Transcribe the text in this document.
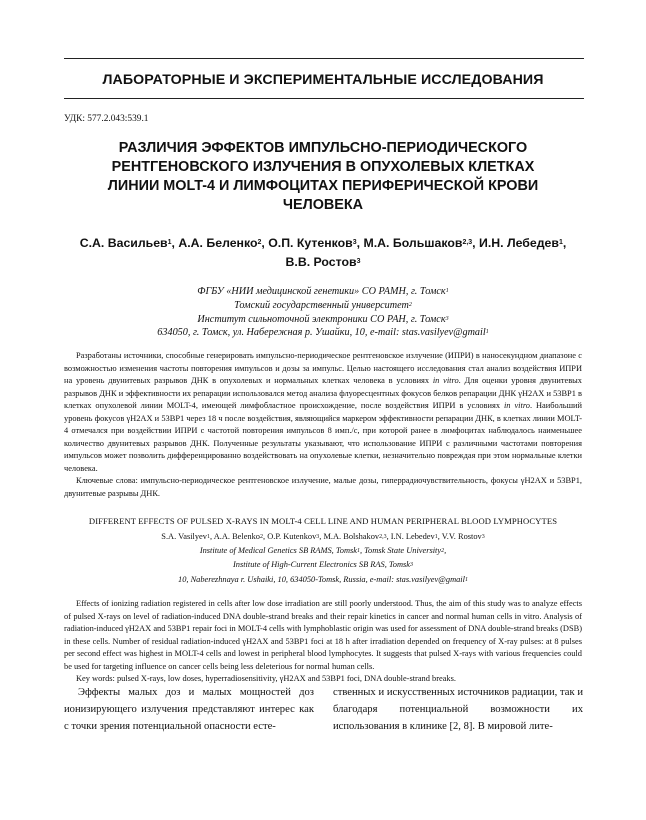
ЛАБОРАТОРНЫЕ И ЭКСПЕРИМЕНТАЛЬНЫЕ ИССЛЕДОВАНИЯ
УДК: 577.2.043:539.1
РАЗЛИЧИЯ ЭФФЕКТОВ ИМПУЛЬСНО-ПЕРИОДИЧЕСКОГО
РЕНТГЕНОВСКОГО ИЗЛУЧЕНИЯ В ОПУХОЛЕВЫХ КЛЕТКАХ
ЛИНИИ MOLT-4 И ЛИМФОЦИТАХ ПЕРИФЕРИЧЕСКОЙ КРОВИ
ЧЕЛОВЕКА
С.А. Васильев$^1$, А.А. Беленко$^2$, О.П. Кутенков$^3$, М.А. Большаков$^{2,3}$, И.Н. Лебедев$^1$,
В.В. Ростов$^3$
ФГБУ «НИИ медицинской генетики» СО РАМН, г. Томск$^1$
Томский государственный университет$^2$
Институт сильноточной электроники СО РАН, г. Томск$^3$
634050, г. Томск, ул. Набережная р. Ушайки, 10, e-mail: stas.vasilyev@gmail$^1$

Разработаны источники, способные генерировать импульсно-периодическое рентгеновское излучение (ИПРИ) в наносекундном диапазоне с возможностью изменения частоты повторения импульсов и дозы за импульс. Целью настоящего исследования стал анализ воздействия ИПРИ на уровень двунитевых разрывов ДНК в опухолевых и нормальных клетках человека в условиях in vitro. Для оценки уровня двунитевых разрывов ДНК и эффективности их репарации использовался метод анализа флуоресцентных фокусов белков репарации ДНК γH2AX и 53BP1 в клетках опухолевой линии MOLT-4, имеющей лимфобластное происхождение, после воздействия ИПРИ в условиях in vitro. Наибольший уровень фокусов γH2AX и 53BP1 через 18 ч после воздействия, являющийся маркером эффективности репарации ДНК, в клетках линии MOLT-4 отмечался при воздействии ИПРИ с частотой повторения импульсов 8 имп./с, при которой ранее в лимфоцитах наблюдалось наименьшее количество двунитевых разрывов ДНК. Полученные результаты указывают, что использование ИПРИ с различными частотами повторения импульсов может позволить дифференцированно воздействовать на опухолевые клетки, незначительно повреждая при этом нормальные клетки человека.

Ключевые слова: импульсно-периодическое рентгеновское излучение, малые дозы, гиперрадиочувствительность, фокусы γH2AX и 53BP1, двунитевые разрывы ДНК.

DIFFERENT EFFECTS OF PULSED X-RAYS IN MOLT-4 CELL LINE AND HUMAN PERIPHERAL BLOOD LYMPHOCYTES
S.A. Vasilyev$^1$, A.A. Belenko$^2$, O.P. Kutenkov$^3$, M.A. Bolshakov$^{2,3}$, I.N. Lebedev$^1$, V.V. Rostov$^3$
Institute of Medical Genetics SB RAMS, Tomsk$^1$, Tomsk State University$^2$,
Institute of High-Current Electronics SB RAS, Tomsk$^3$
10, Naberezhnaya r. Ushaiki, 10, 634050-Tomsk, Russia, e-mail: stas.vasilyev@gmail$^1$

Effects of ionizing radiation registered in cells after low dose irradiation are still poorly understood. Thus, the aim of this study was to analyze effects of pulsed X-rays on level of radiation-induced DNA double-strand breaks and their repair kinetics in cancer and normal human cells in vitro. Analysis of radiation-induced γH2AX and 53BP1 repair foci in MOLT-4 cells with lymphoblastic origin was used for assessment of DNA double-strand breaks (DSB) in these cells. Number of residual radiation-induced γH2AX and 53BP1 foci at 18 h after irradiation depended on frequency of X-ray pulses: at 8 pulses per second effect was highest in MOLT-4 cells and lowest in peripheral blood lymphocytes. It suggests that pulsed X-rays with various frequencies could be used for targeting influence on cancer cells being less deleterious for normal human cells.

Key words: pulsed X-rays, low doses, hyperradiosensitivity, γH2AX and 53BP1 foci, DNA double-strand breaks.

Эффекты малых доз и малых мощностей доз ионизирующего излучения представляют интерес как с точки зрения потенциальной опасности есте-

ственных и искусственных источников радиации, так и благодаря потенциальной возможности их использования в клинике [2, 8]. В мировой лите-
